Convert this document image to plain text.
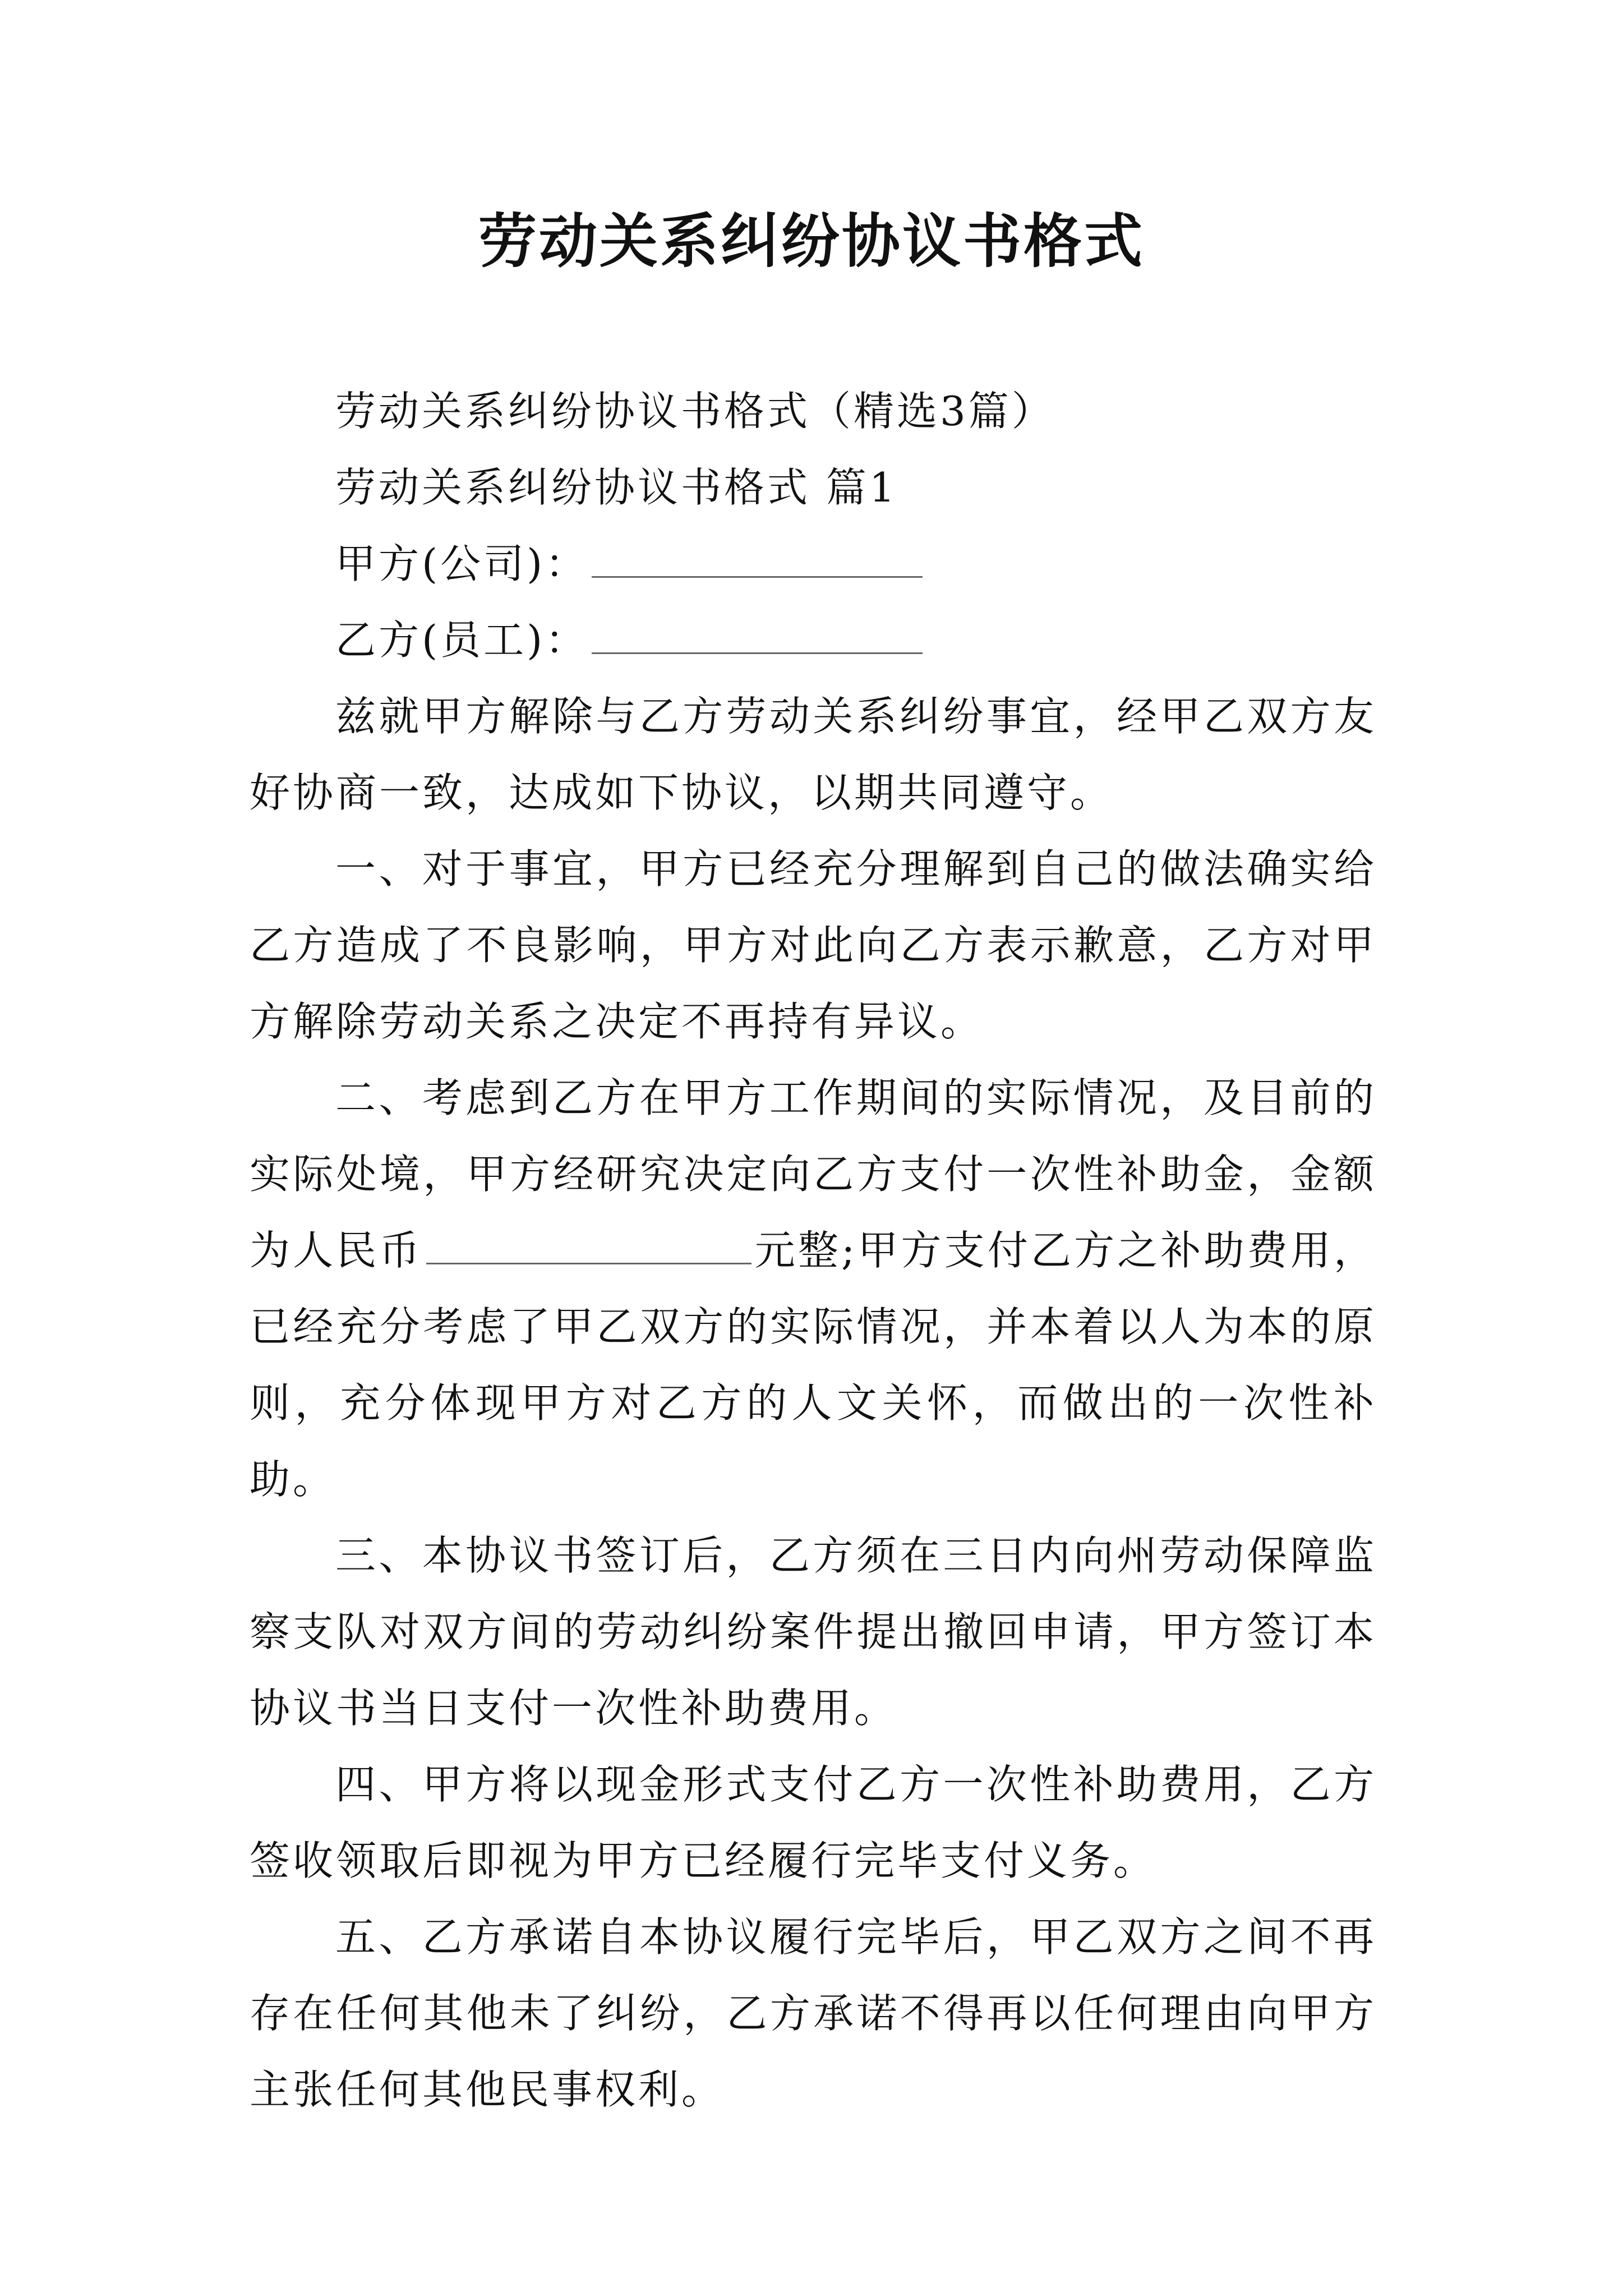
劳动关系纠纷协议书格式

劳动关系纠纷协议书格式（精选3篇）

劳动关系纠纷协议书格式 篇1

甲方(公司)：

乙方(员工)：

兹就甲方解除与乙方劳动关系纠纷事宜，经甲乙双方友好协商一致，达成如下协议，以期共同遵守。

一、对于事宜，甲方已经充分理解到自己的做法确实给乙方造成了不良影响，甲方对此向乙方表示歉意，乙方对甲方解除劳动关系之决定不再持有异议。

二、考虑到乙方在甲方工作期间的实际情况，及目前的实际处境，甲方经研究决定向乙方支付一次性补助金，金额为人民币	元整;甲方支付乙方之补助费用，已经充分考虑了甲乙双方的实际情况，并本着以人为本的原则，充分体现甲方对乙方的人文关怀，而做出的一次性补助。

三、本协议书签订后，乙方须在三日内向州劳动保障监察支队对双方间的劳动纠纷案件提出撤回申请，甲方签订本协议书当日支付一次性补助费用。

四、甲方将以现金形式支付乙方一次性补助费用，乙方签收领取后即视为甲方已经履行完毕支付义务。

五、乙方承诺自本协议履行完毕后，甲乙双方之间不再存在任何其他未了纠纷，乙方承诺不得再以任何理由向甲方主张任何其他民事权利。
